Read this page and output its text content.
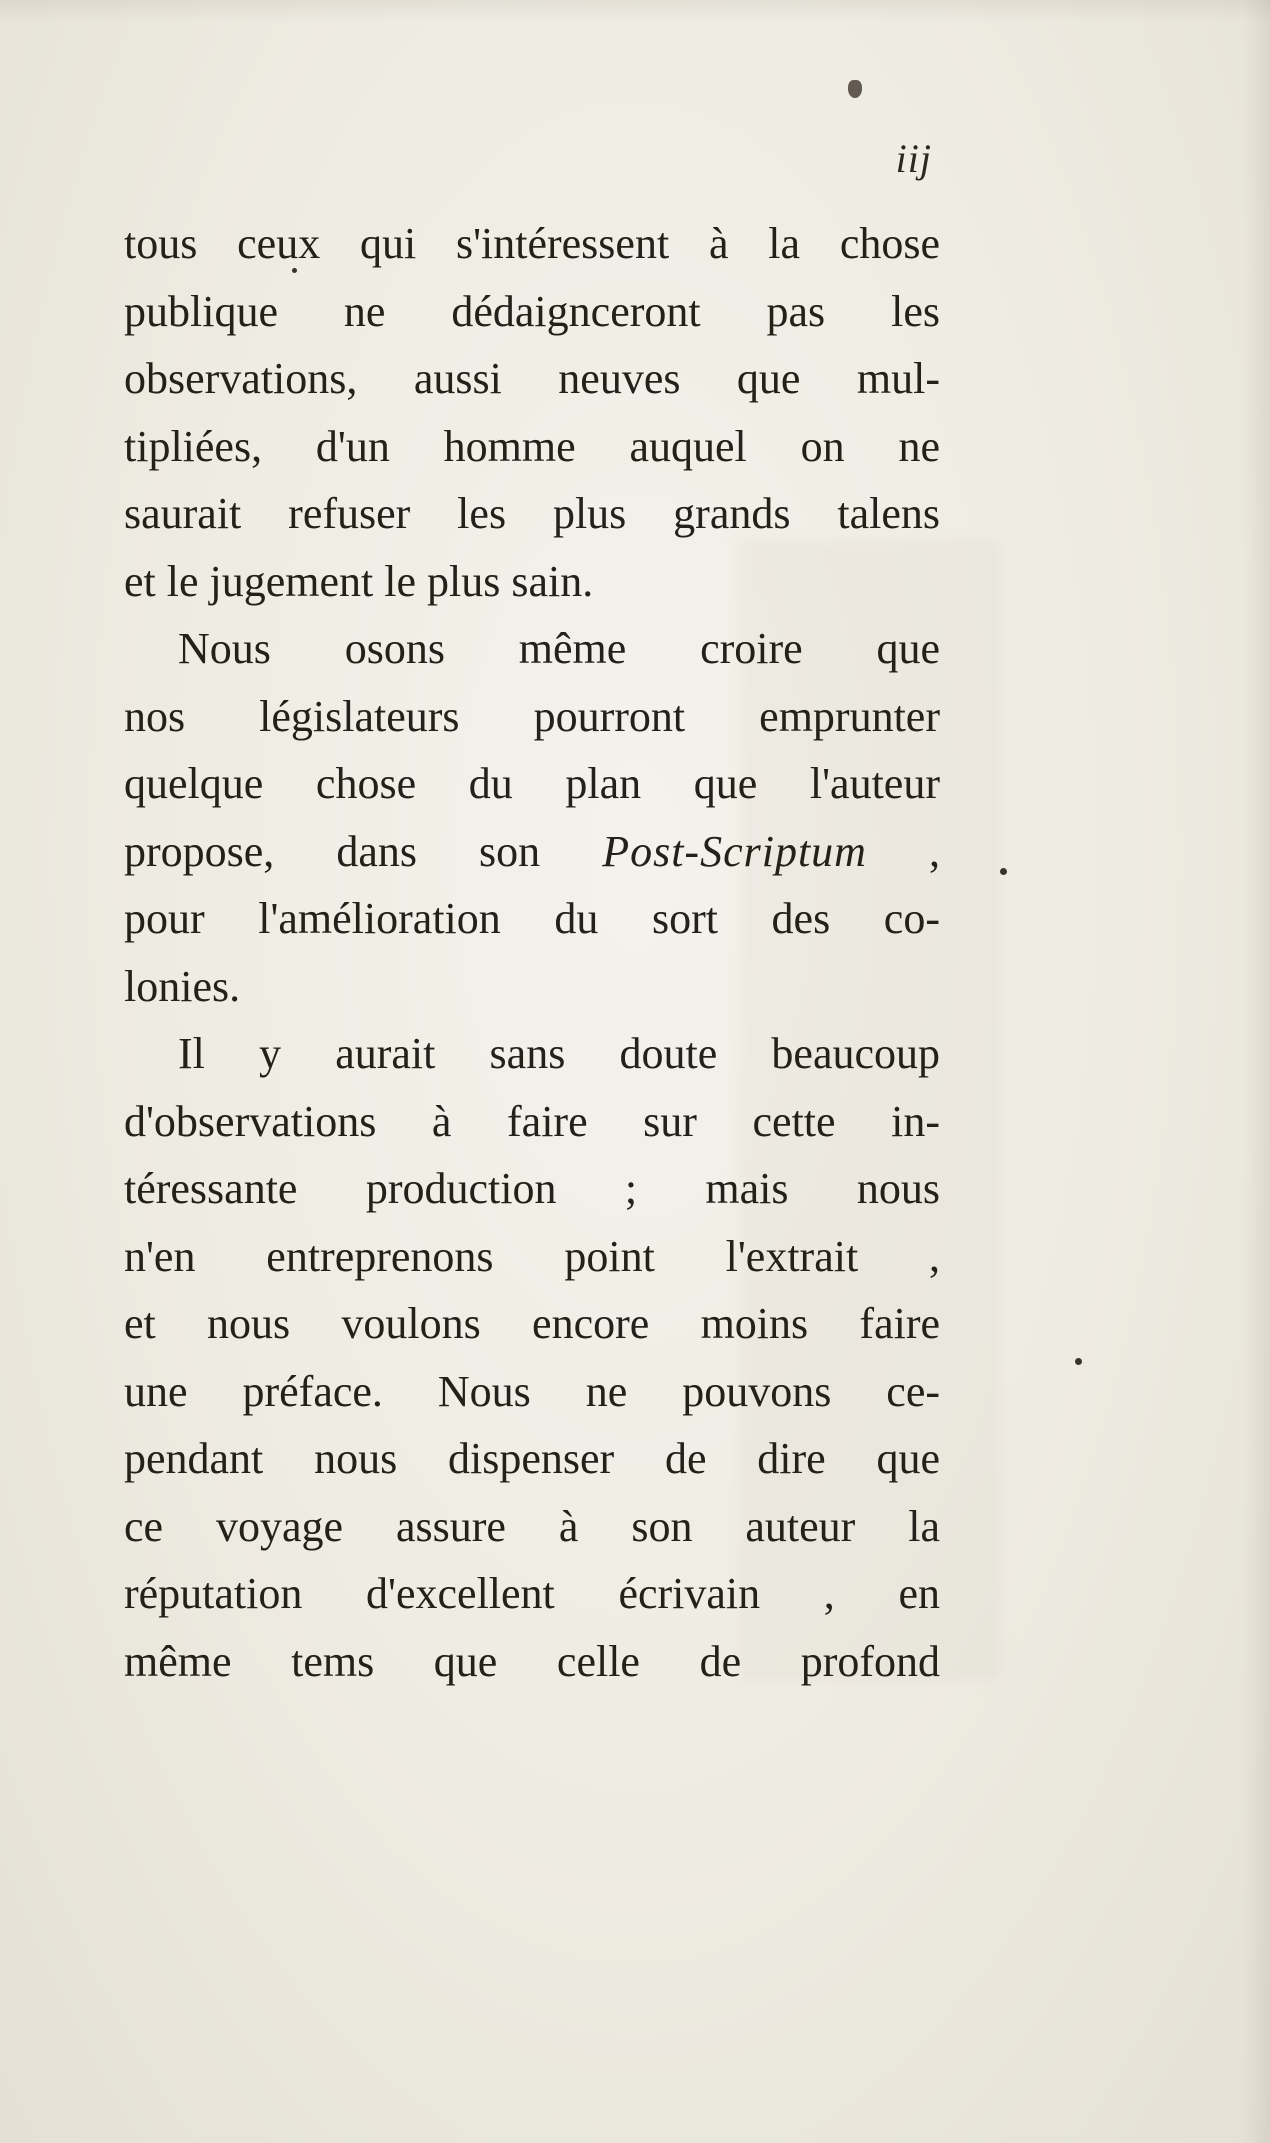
iij
tous ceux qui s'intéressent à la chose
publique ne dédaignceront pas les
observations, aussi neuves que mul-
tipliées, d'un homme auquel on ne
saurait refuser les plus grands talens
et le jugement le plus sain.
Nous osons même croire que
nos législateurs pourront emprunter
quelque chose du plan que l'auteur
propose, dans son Post-Scriptum ,
pour l'amélioration du sort des co-
lonies.
Il y aurait sans doute beaucoup
d'observations à faire sur cette in-
téressante production ; mais nous
n'en entreprenons point l'extrait ,
et nous voulons encore moins faire
une préface. Nous ne pouvons ce-
pendant nous dispenser de dire que
ce voyage assure à son auteur la
réputation d'excellent écrivain , en
même tems que celle de profond
